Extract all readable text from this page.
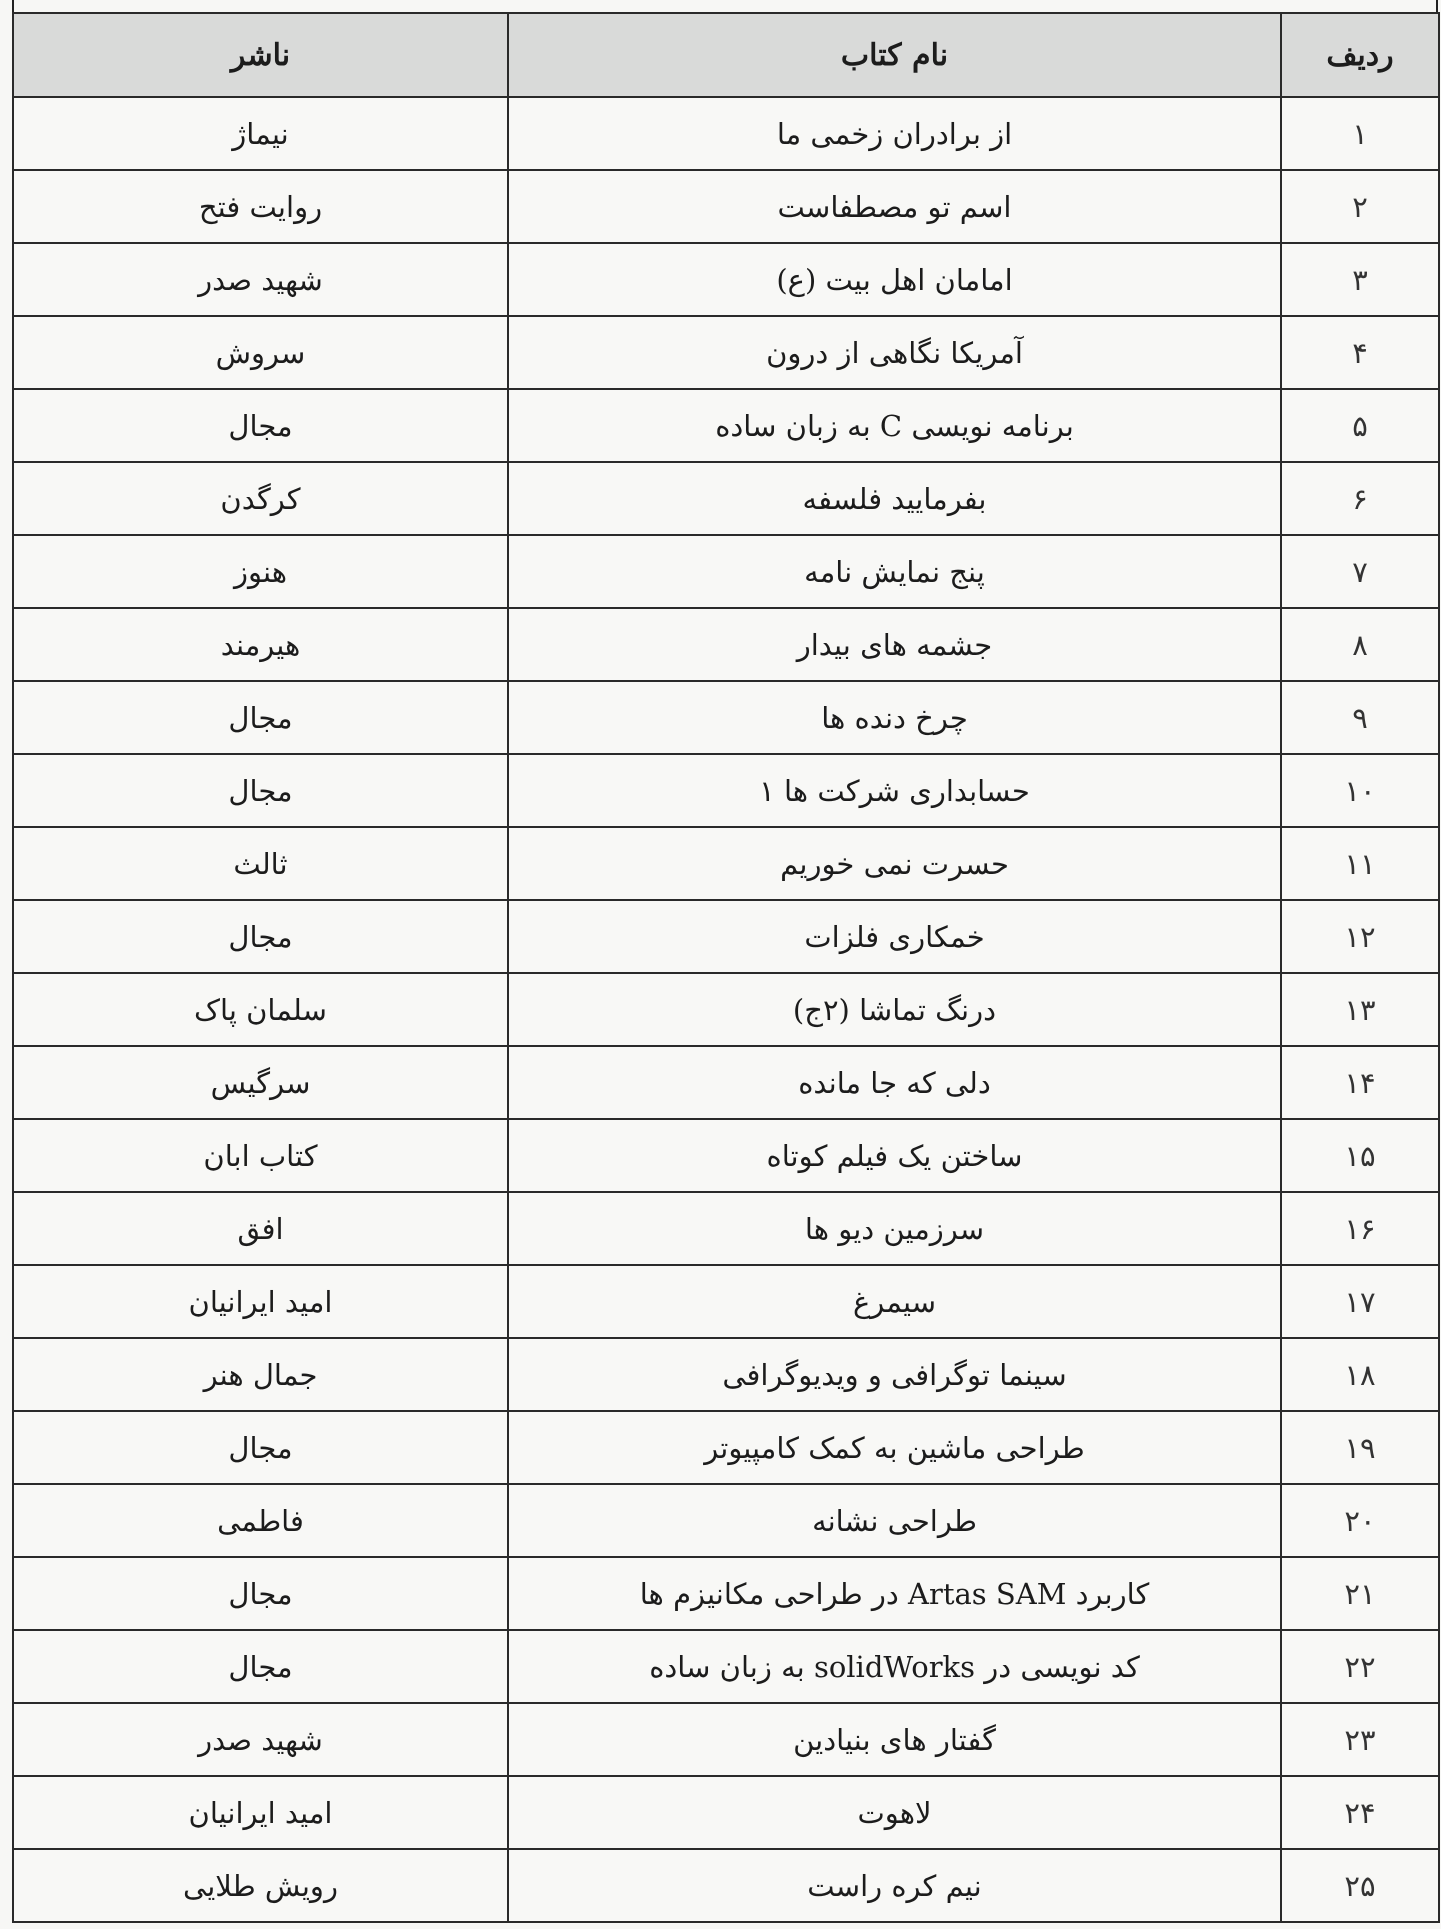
ردیف	نام کتاب	ناشر
۱	از برادران زخمی ما	نیماژ
۲	اسم تو مصطفاست	روایت فتح
۳	امامان اهل بیت (ع)	شهید صدر
۴	آمریکا نگاهی از درون	سروش
۵	برنامه نویسی C به زبان ساده	مجال
۶	بفرمایید فلسفه	کرگدن
۷	پنج نمایش نامه	هنوز
۸	جشمه های بیدار	هیرمند
۹	چرخ دنده ها	مجال
۱۰	حسابداری شرکت ها ۱	مجال
۱۱	حسرت نمی خوریم	ثالث
۱۲	خمکاری فلزات	مجال
۱۳	درنگ تماشا (۲ج)	سلمان پاک
۱۴	دلی که جا مانده	سرگیس
۱۵	ساختن یک فیلم کوتاه	کتاب ابان
۱۶	سرزمین دیو ها	افق
۱۷	سیمرغ	امید ایرانیان
۱۸	سینما توگرافی و ویدیوگرافی	جمال هنر
۱۹	طراحی ماشین به کمک کامپیوتر	مجال
۲۰	طراحی نشانه	فاطمی
۲۱	کاربرد Artas SAM در طراحی مکانیزم ها	مجال
۲۲	کد نویسی در solidWorks به زبان ساده	مجال
۲۳	گفتار های بنیادین	شهید صدر
۲۴	لاهوت	امید ایرانیان
۲۵	نیم کره راست	رویش طلایی
